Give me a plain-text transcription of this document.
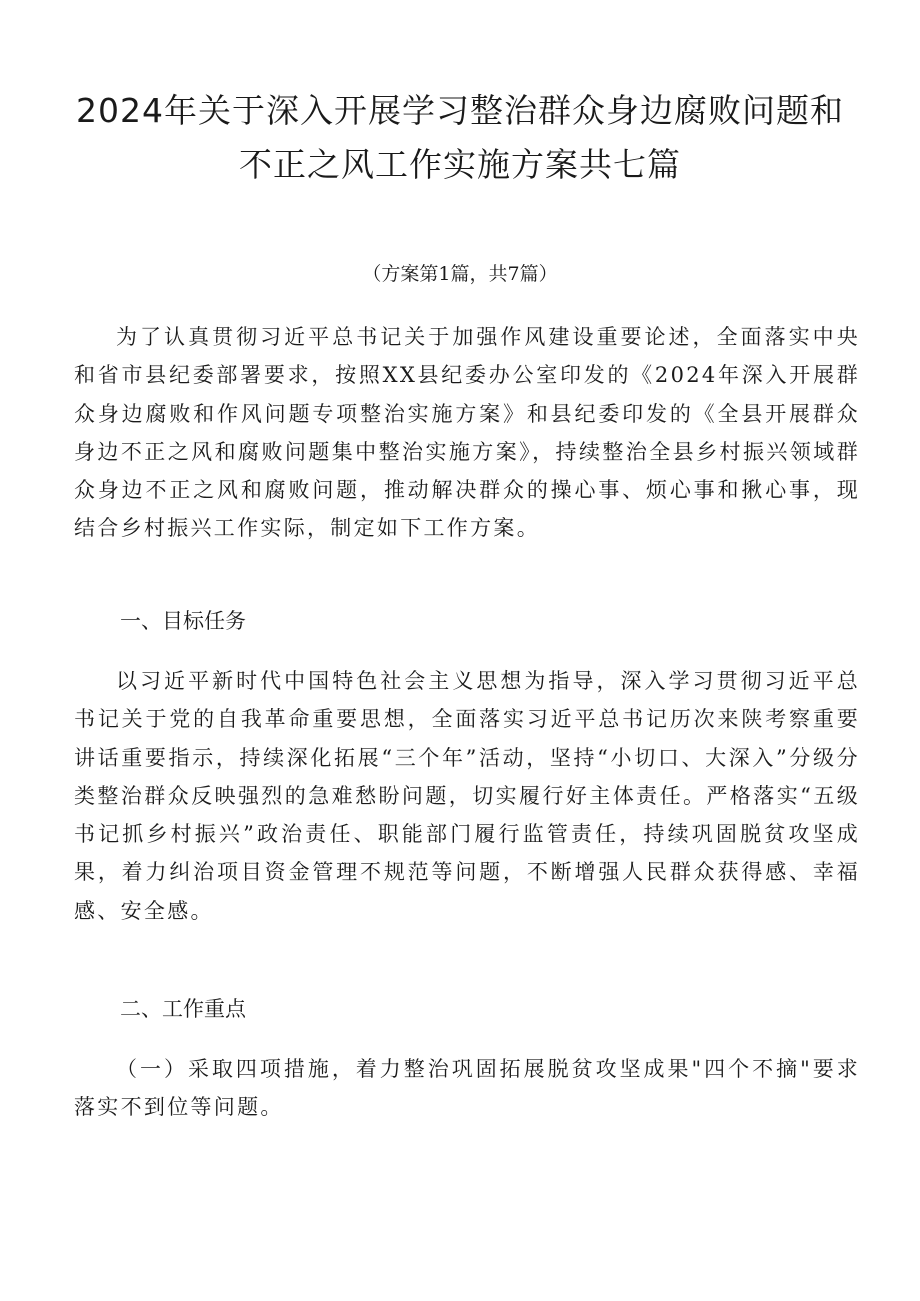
2024年关于深入开展学习整治群众身边腐败问题和
不正之风工作实施方案共七篇
（方案第1篇，共7篇）

为了认真贯彻习近平总书记关于加强作风建设重要论述，全面落实中央和省市县纪委部署要求，按照XX县纪委办公室印发的《2024年深入开展群众身边腐败和作风问题专项整治实施方案》和县纪委印发的《全县开展群众身边不正之风和腐败问题集中整治实施方案》，持续整治全县乡村振兴领域群众身边不正之风和腐败问题，推动解决群众的操心事、烦心事和揪心事，现结合乡村振兴工作实际，制定如下工作方案。

一、目标任务

以习近平新时代中国特色社会主义思想为指导，深入学习贯彻习近平总书记关于党的自我革命重要思想，全面落实习近平总书记历次来陕考察重要讲话重要指示，持续深化拓展“三个年”活动，坚持“小切口、大深入”分级分类整治群众反映强烈的急难愁盼问题，切实履行好主体责任。严格落实“五级书记抓乡村振兴”政治责任、职能部门履行监管责任，持续巩固脱贫攻坚成果，着力纠治项目资金管理不规范等问题，不断增强人民群众获得感、幸福感、安全感。

二、工作重点

（一）采取四项措施，着力整治巩固拓展脱贫攻坚成果"四个不摘"要求落实不到位等问题。
